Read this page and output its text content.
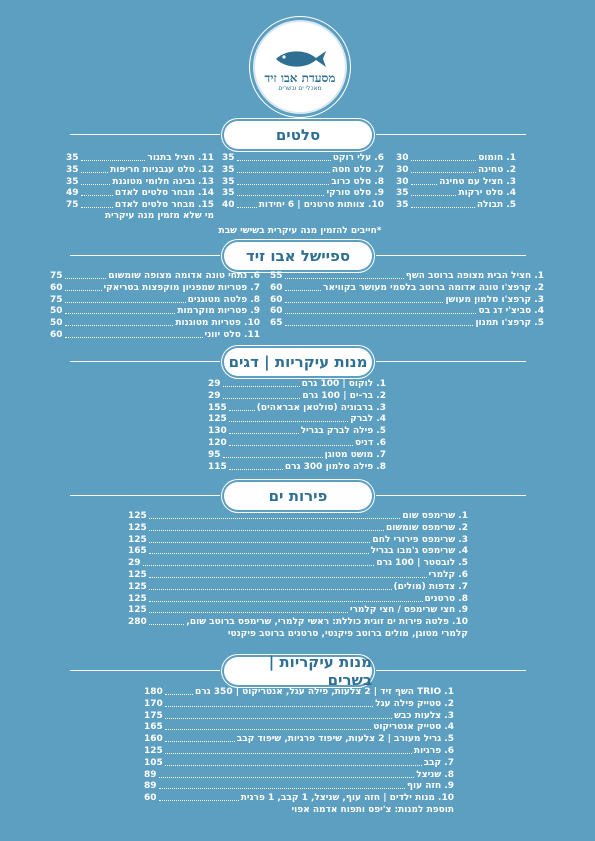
מסעדת אבו זיד
מאכלי ים ובשרים
סלטים
1. חומוס
30
2. טחינה
30
3. חציל עם טחינה
30
4. סלט ירקות
35
5. תבולה
35
6. עלי רוקט
35
7. סלט חסה
35
8. סלט כרוב
35
9. סלט טורקי
35
10. צוותות סרטנים | 6 יחידות
40
11. חציל בתנור
35
12. סלט עגבניות חריפות
35
13. גבינה חלומי מטוגנת
35
14. מבחר סלטים לאדם
49
15. מבחר סלטים לאדם
75
מי שלא מזמין מנה עיקרית
*חייבים להזמין מנה עיקרית בשישי שבת
ספיישל אבו זיד
1. חציל הבית מצופה ברוטב השף
55
2. קרפצ'ו טונה אדומה ברוטב בלסמי מעושר בקוויאר
60
3. קרפצ'ו סלמון מעושן
60
4. סביצ'י דג בס
60
5. קרפצ'ו תמנון
65
6. נתחי טונה אדומה מצופה שומשום
75
7. פטריות שמפניון מוקפצות בטריאקי
60
8. פלטה מטוגנים
75
9. פטריות מוקרמות
50
10. פטריות מטוגנות
50
11. סלט יווני
60
מנות עיקריות | דגים
1. לוקוס | 100 גרם
29
2. בר-ים | 100 גרם
29
3. ברבוניה (סולטאן אבראהים)
155
4. לברק
125
5. פילה לברק בגריל
130
6. דניס
120
7. מושט מטוגן
95
8. פילה סלמון 300 גרם
115
פירות ים
1. שרימפס שום
125
2. שרימפס שומשום
125
3. שרימפס פירורי לחם
125
4. שרימפס ג'מבו בגריל
165
5. לובסטר | 100 גרם
29
6. קלמרי
125
7. צדפות (מולים)
125
8. סרטנים
125
9. חצי שרימפס / חצי קלמרי
125
10. פלטה פירות ים זוגית כוללת: ראשי קלמרי, שרימפס ברוטב שום,
280
קלמרי מטוגן, מולים ברוטב פיקנטי, סרטנים ברוטב פיקנטי
מנות עיקריות | בשרים
1. TRIO השף זיד | 2 צלעות, פילה עגל, אנטריקוט | 350 גרם
180
2. סטייק פילה עגל
170
3. צלעות כבש
175
4. סטייק אנטריקוט
165
5. גריל מעורב | 2 צלעות, שיפוד פרגיות, שיפוד קבב
160
6. פרגיות
125
7. קבב
105
8. שניצל
89
9. חזה עוף
89
10. מנות ילדים | חזה עוף, שניצל, 1 קבב, 1 פרגית
60
תוספת למנות: צ'יפס ותפוח אדמה אפוי
